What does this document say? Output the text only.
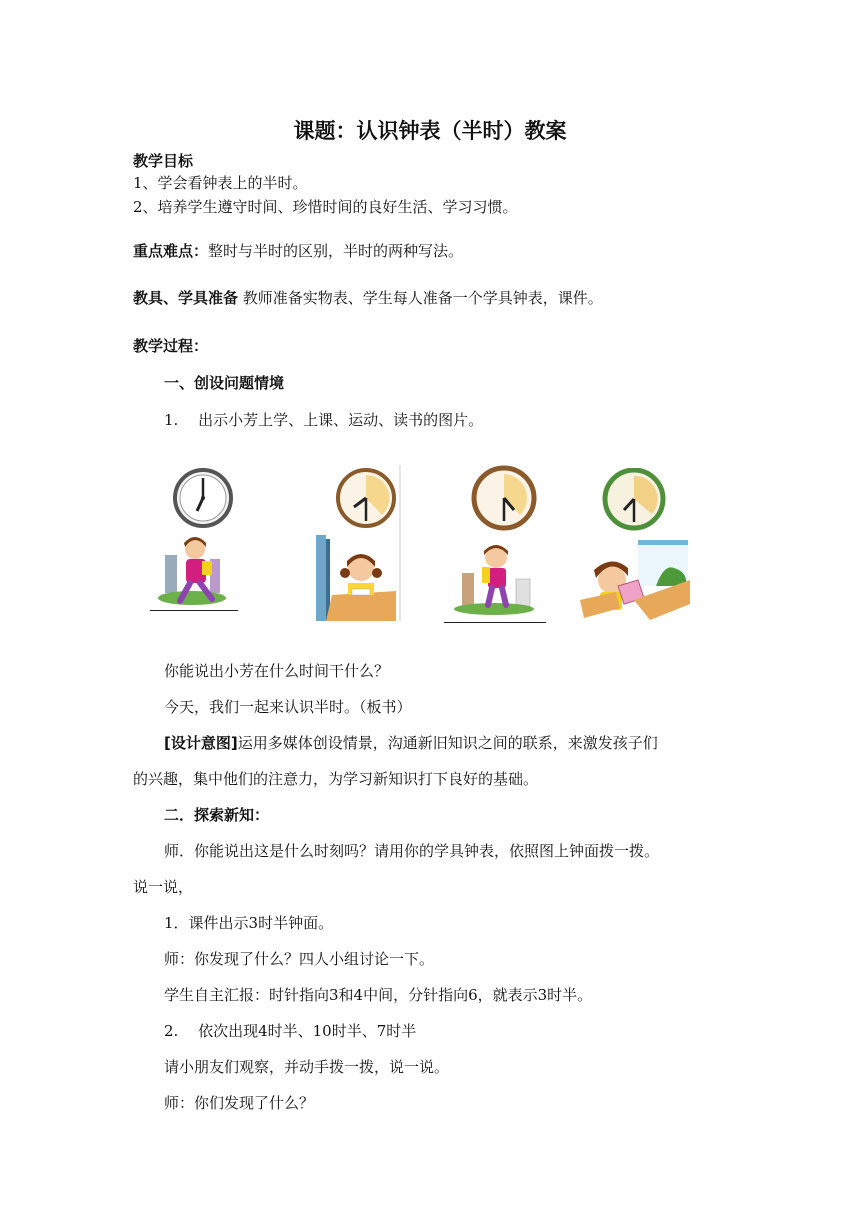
课题：认识钟表（半时）教案
教学目标
1、学会看钟表上的半时。
2、培养学生遵守时间、珍惜时间的良好生活、学习习惯。
重点难点：整时与半时的区别，半时的两种写法。
教具、学具准备 教师准备实物表、学生每人准备一个学具钟表，课件。
教学过程：
一、创设问题情境
1.　 出示小芳上学、上课、运动、读书的图片。
你能说出小芳在什么时间干什么？
今天，我们一起来认识半时。（板书）
[设计意图]运用多媒体创设情景，沟通新旧知识之间的联系，来激发孩子们
的兴趣，集中他们的注意力，为学习新知识打下良好的基础。
二．探索新知：
师．你能说出这是什么时刻吗？请用你的学具钟表，依照图上钟面拨一拨。
说一说，
1．课件出示3时半钟面。
师：你发现了什么？四人小组讨论一下。
学生自主汇报：时针指向3和4中间，分针指向6，就表示3时半。
2.　 依次出现4时半、10时半、7时半
请小朋友们观察，并动手拨一拨，说一说。
师：你们发现了什么？
